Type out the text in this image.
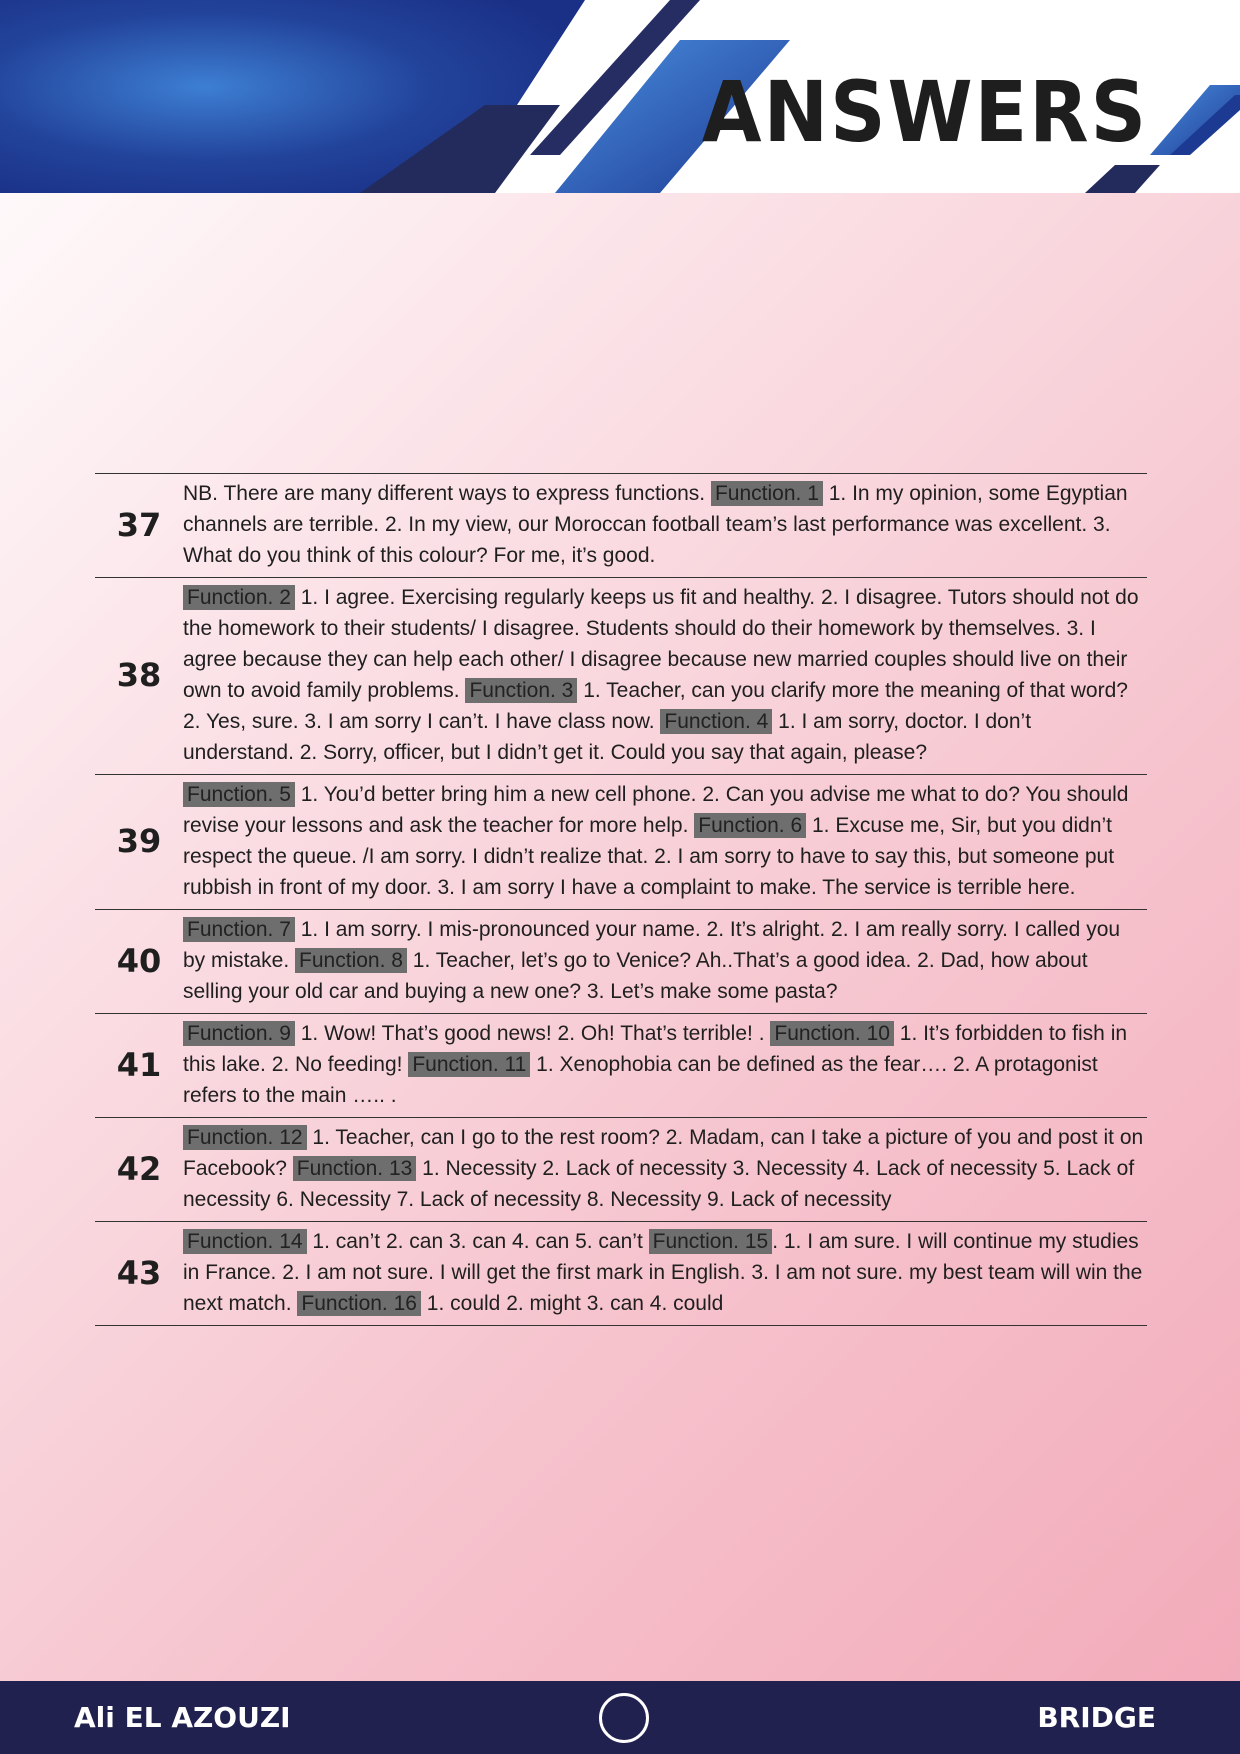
ANSWERS
37
NB. There are many different ways to express functions. Function. 1 1. In my opinion, some Egyptian channels are terrible. 2. In my view, our Moroccan football team’s last performance was excellent. 3. What do you think of this colour? For me, it’s good.
38
Function. 2 1. I agree. Exercising regularly keeps us fit and healthy. 2. I disagree. Tutors should not do the homework to their students/ I disagree. Students should do their homework by themselves. 3. I agree because they can help each other/ I disagree because new married couples should live on their own to avoid family problems. Function. 3 1. Teacher, can you clarify more the meaning of that word? 2. Yes, sure. 3. I am sorry I can’t. I have class now. Function. 4 1. I am sorry, doctor. I don’t understand. 2. Sorry, officer, but I didn’t get it. Could you say that again, please?
39
Function. 5 1. You’d better bring him a new cell phone. 2. Can you advise me what to do? You should revise your lessons and ask the teacher for more help. Function. 6 1. Excuse me, Sir, but you didn’t respect the queue. /I am sorry. I didn’t realize that. 2. I am sorry to have to say this, but someone put rubbish in front of my door. 3. I am sorry I have a complaint to make. The service is terrible here.
40
Function. 7 1. I am sorry. I mis-pronounced your name. 2. It’s alright. 2. I am really sorry. I called you by mistake. Function. 8 1. Teacher, let’s go to Venice? Ah..That’s a good idea. 2. Dad, how about selling your old car and buying a new one? 3. Let’s make some pasta?
41
Function. 9 1. Wow! That’s good news! 2. Oh! That’s terrible! . Function. 10 1. It’s forbidden to fish in this lake. 2. No feeding! Function. 11 1. Xenophobia can be defined as the fear…. 2. A protagonist refers to the main ….. .
42
Function. 12 1. Teacher, can I go to the rest room? 2. Madam, can I take a picture of you and post it on Facebook? Function. 13 1. Necessity 2. Lack of necessity 3. Necessity 4. Lack of necessity 5. Lack of necessity 6. Necessity 7. Lack of necessity 8. Necessity 9. Lack of necessity
43
Function. 14 1. can’t 2. can 3. can 4. can 5. can’t Function. 15 . 1. I am sure. I will continue my studies in France. 2. I am not sure. I will get the first mark in English. 3. I am not sure. my best team will win the next match. Function. 16 1. could 2. might 3. can 4. could
Ali EL AZOUZI	BRIDGE
